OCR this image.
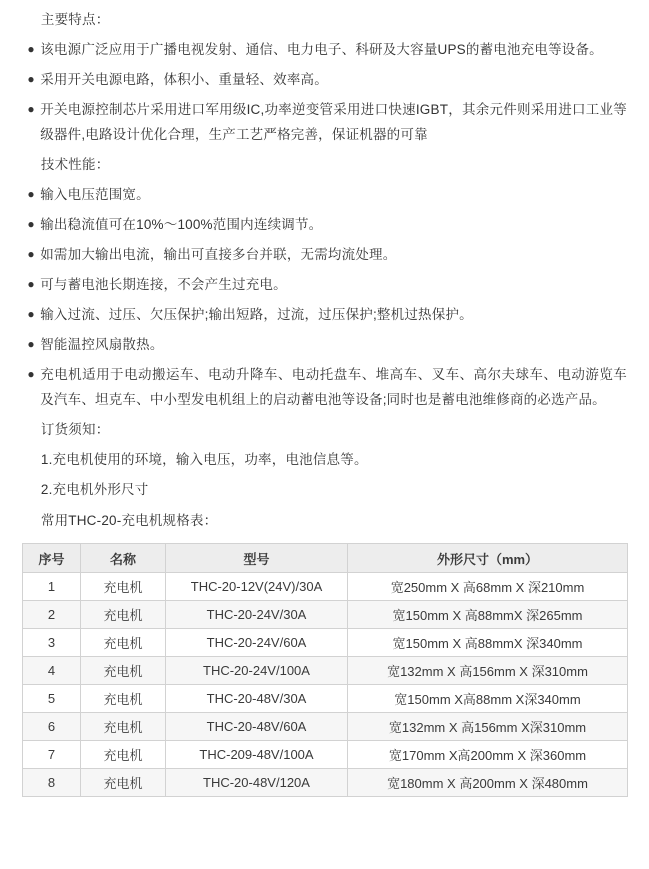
主要特点：
● 该电源广泛应用于广播电视发射、通信、电力电子、科研及大容量UPS的蓄电池充电等设备。
● 采用开关电源电路，体积小、重量轻、效率高。
● 开关电源控制芯片采用进口军用级IC,功率逆变管采用进口快速IGBT，其余元件则采用进口工业等级器件,电路设计优化合理，生产工艺严格完善，保证机器的可靠
技术性能：
● 输入电压范围宽。
● 输出稳流值可在10%～100%范围内连续调节。
● 如需加大输出电流，输出可直接多台并联，无需均流处理。
● 可与蓄电池长期连接，不会产生过充电。
● 输入过流、过压、欠压保护;输出短路，过流，过压保护;整机过热保护。
● 智能温控风扇散热。
● 充电机适用于电动搬运车、电动升降车、电动托盘车、堆高车、叉车、高尔夫球车、电动游览车及汽车、坦克车、中小型发电机组上的启动蓄电池等设备;同时也是蓄电池维修商的必选产品。
订货须知：
1.充电机使用的环境，输入电压，功率，电池信息等。
2.充电机外形尺寸
常用THC-20-充电机规格表：
序号	名称	型号	外形尺寸（mm）
1	充电机	THC-20-12V(24V)/30A	宽250mm X 高68mm X 深210mm
2	充电机	THC-20-24V/30A	宽150mm X 高88mmX 深265mm
3	充电机	THC-20-24V/60A	宽150mm X 高88mmX 深340mm
4	充电机	THC-20-24V/100A	宽132mm X 高156mm X 深310mm
5	充电机	THC-20-48V/30A	宽150mm X高88mm X深340mm
6	充电机	THC-20-48V/60A	宽132mm X 高156mm X深310mm
7	充电机	THC-209-48V/100A	宽170mm X高200mm X 深360mm
8	充电机	THC-20-48V/120A	宽180mm X 高200mm X 深480mm
